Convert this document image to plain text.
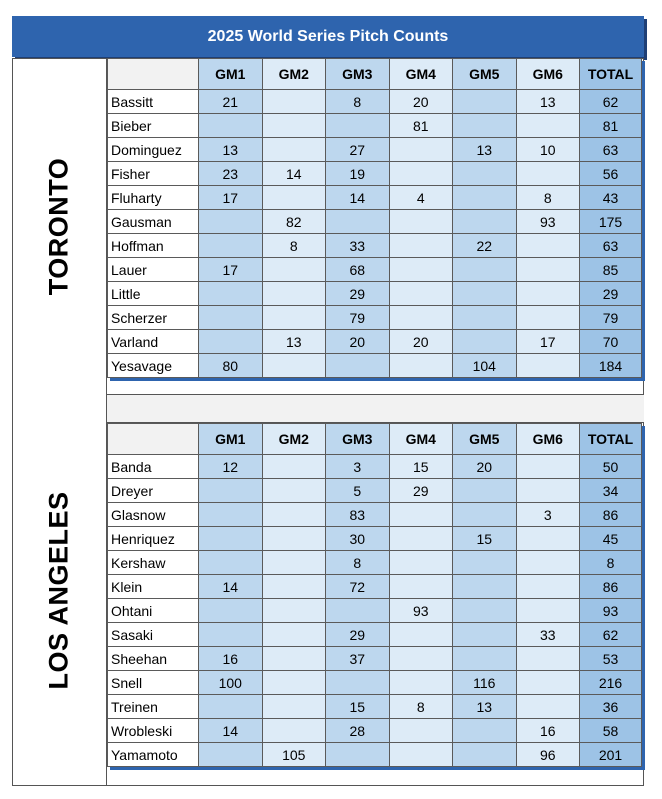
2025 World Series Pitch Counts
TORONTO
LOS ANGELES
	GM1	GM2	GM3	GM4	GM5	GM6	TOTAL
Bassitt	21		8	20		13	62
Bieber				81			81
Dominguez	13		27		13	10	63
Fisher	23	14	19				56
Fluharty	17		14	4		8	43
Gausman		82				93	175
Hoffman		8	33		22		63
Lauer	17		68				85
Little			29				29
Scherzer			79				79
Varland		13	20	20		17	70
Yesavage	80				104		184
	GM1	GM2	GM3	GM4	GM5	GM6	TOTAL
Banda	12		3	15	20		50
Dreyer			5	29			34
Glasnow			83			3	86
Henriquez			30		15		45
Kershaw			8				8
Klein	14		72				86
Ohtani				93			93
Sasaki			29			33	62
Sheehan	16		37				53
Snell	100				116		216
Treinen			15	8	13		36
Wrobleski	14		28			16	58
Yamamoto		105				96	201
